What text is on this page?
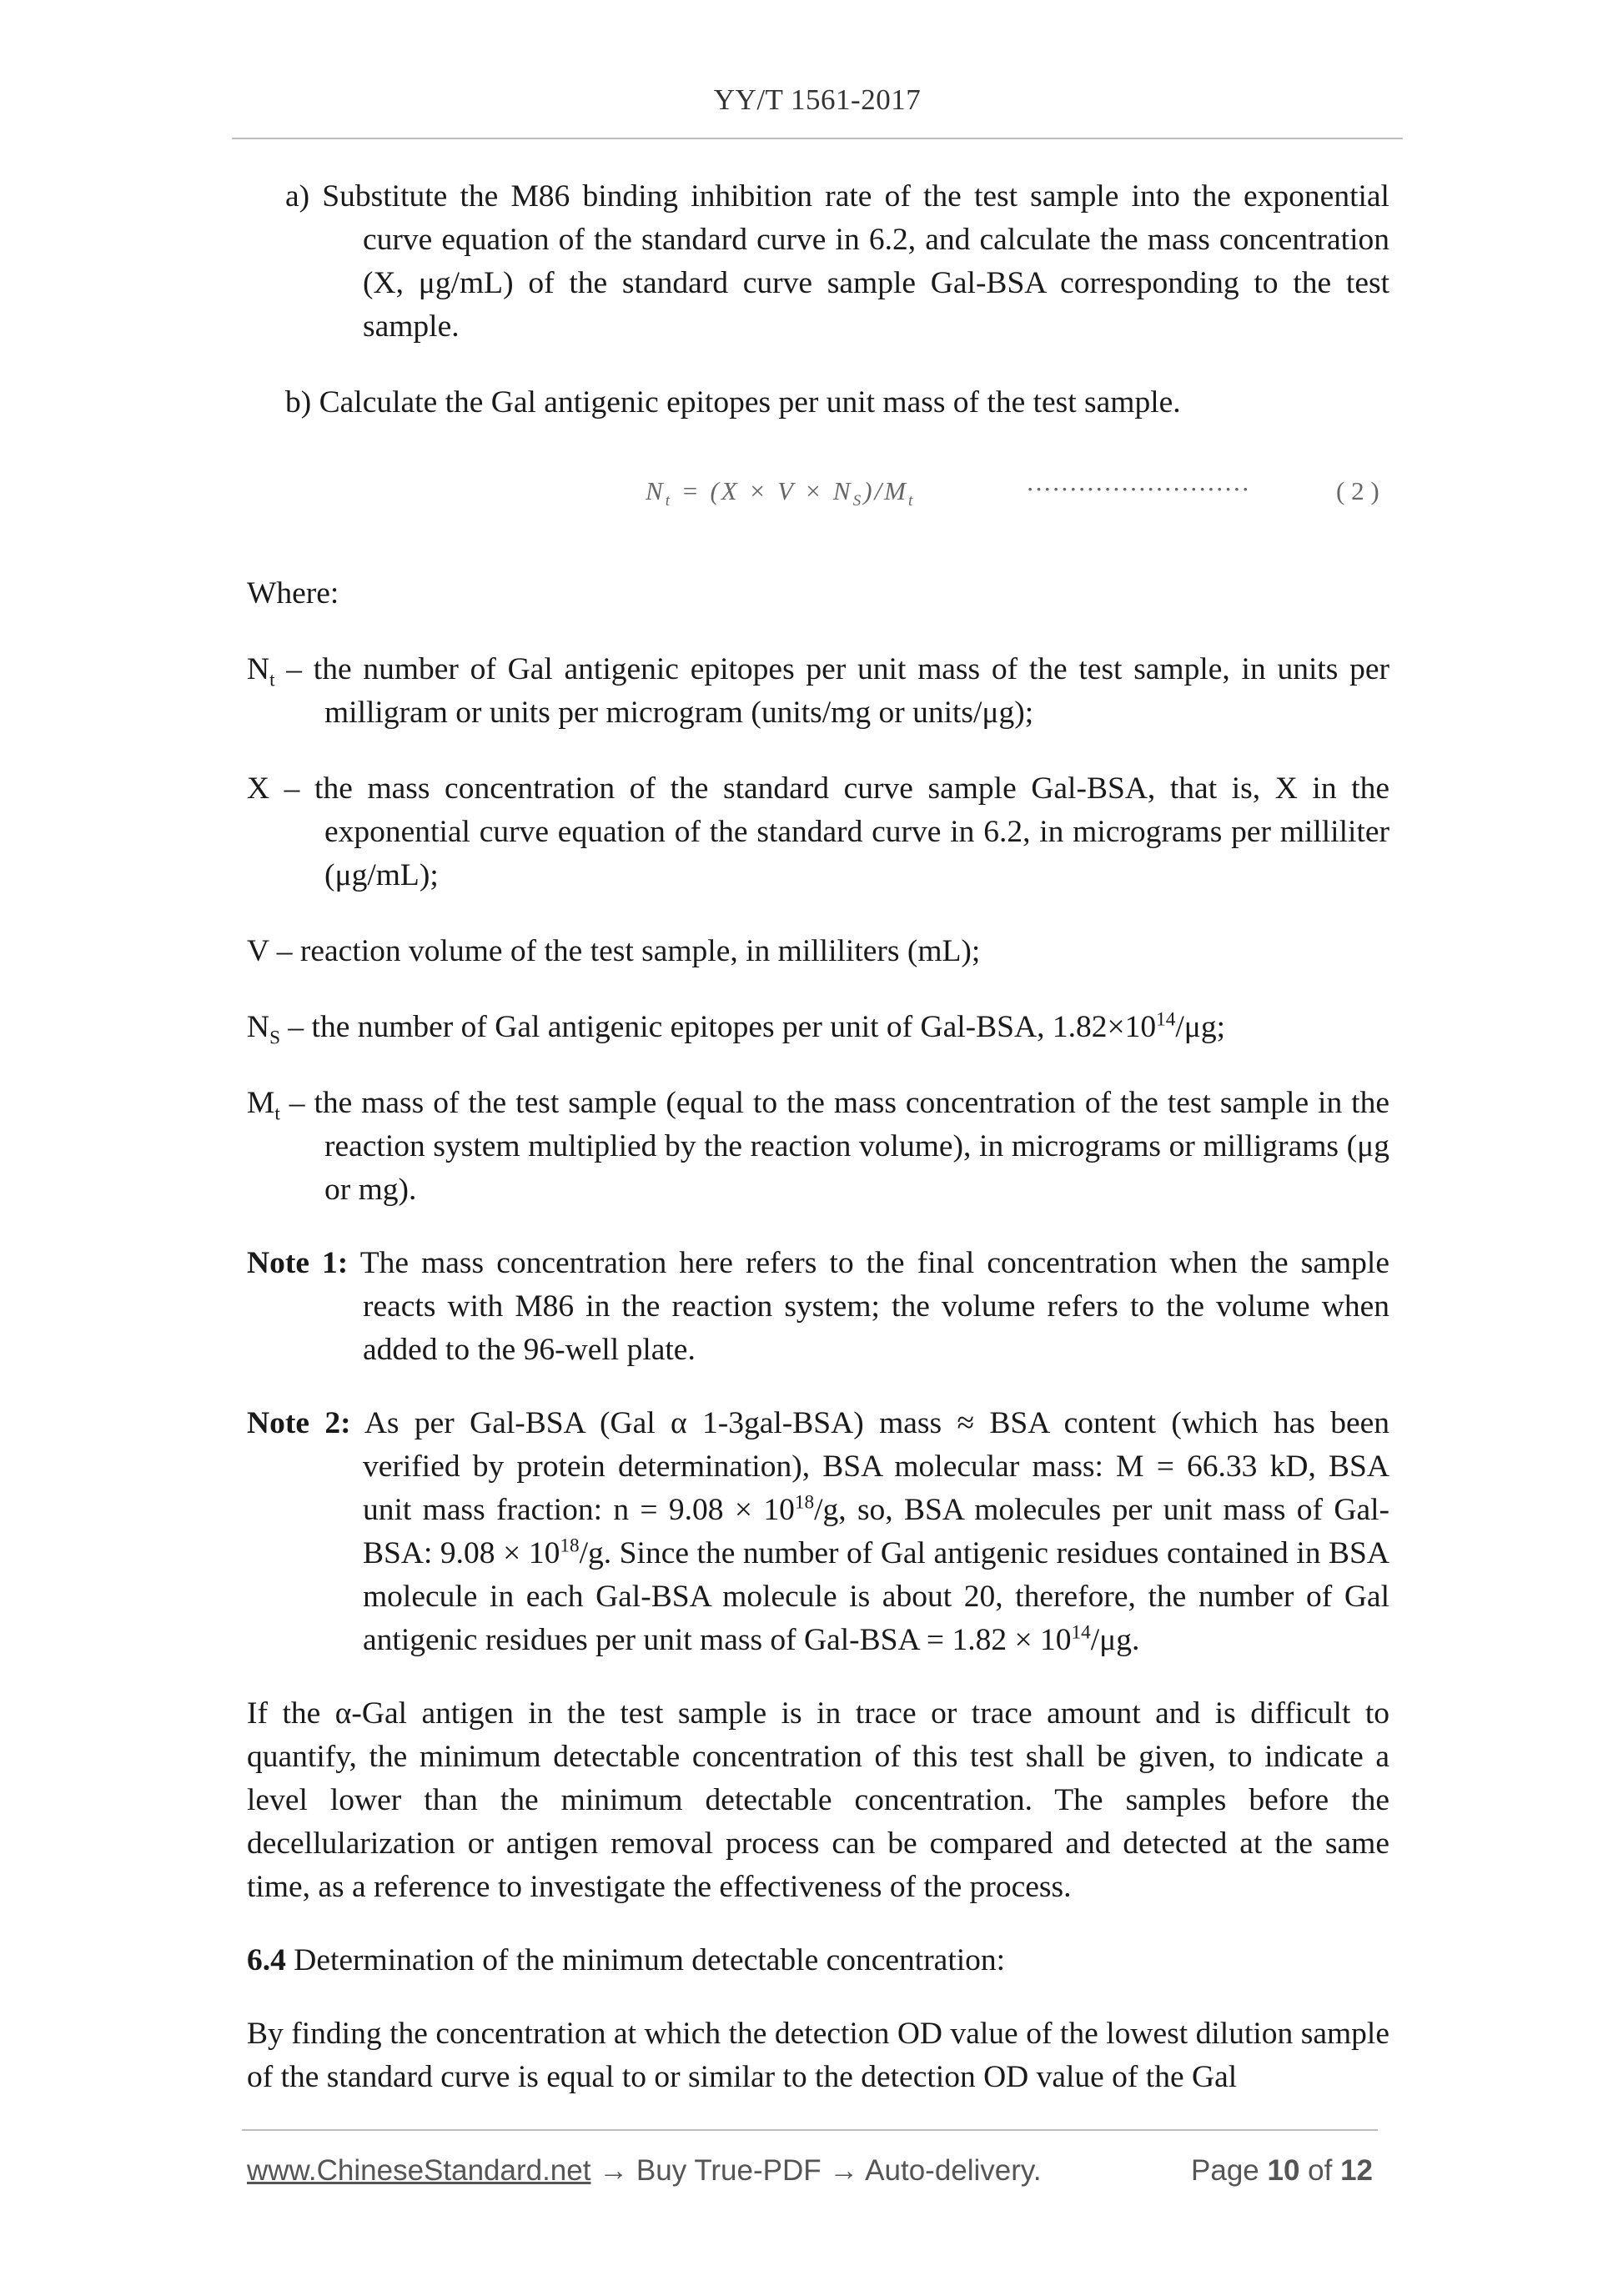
YY/T 1561-2017

a) Substitute the M86 binding inhibition rate of the test sample into the exponential curve equation of the standard curve in 6.2, and calculate the mass concentration (X, μg/mL) of the standard curve sample Gal-BSA corresponding to the test sample.

b) Calculate the Gal antigenic epitopes per unit mass of the test sample.

$N_t = (X \times V \times N_S)/M_t$	··························	( 2 )

Where:

$N_t$ – the number of Gal antigenic epitopes per unit mass of the test sample, in units per milligram or units per microgram (units/mg or units/μg);

X – the mass concentration of the standard curve sample Gal-BSA, that is, X in the exponential curve equation of the standard curve in 6.2, in micrograms per milliliter (μg/mL);

V – reaction volume of the test sample, in milliliters (mL);

$N_S$ – the number of Gal antigenic epitopes per unit of Gal-BSA, $1.82\times 10^{14}/\mu g$;

$M_t$ – the mass of the test sample (equal to the mass concentration of the test sample in the reaction system multiplied by the reaction volume), in micrograms or milligrams (μg or mg).

Note 1: The mass concentration here refers to the final concentration when the sample reacts with M86 in the reaction system; the volume refers to the volume when added to the 96-well plate.

Note 2: As per Gal-BSA (Gal α 1-3gal-BSA) mass ≈ BSA content (which has been verified by protein determination), BSA molecular mass: M = 66.33 kD, BSA unit mass fraction: $n = 9.08 \times 10^{18}/g$, so, BSA molecules per unit mass of Gal-BSA: $9.08 \times 10^{18}/g$. Since the number of Gal antigenic residues contained in BSA molecule in each Gal-BSA molecule is about 20, therefore, the number of Gal antigenic residues per unit mass of $Gal-BSA = 1.82 \times 10^{14}/\mu g$.

If the α-Gal antigen in the test sample is in trace or trace amount and is difficult to quantify, the minimum detectable concentration of this test shall be given, to indicate a level lower than the minimum detectable concentration. The samples before the decellularization or antigen removal process can be compared and detected at the same time, as a reference to investigate the effectiveness of the process.

6.4 Determination of the minimum detectable concentration:

By finding the concentration at which the detection OD value of the lowest dilution sample of the standard curve is equal to or similar to the detection OD value of the Gal

www.ChineseStandard.net → Buy True-PDF → Auto-delivery.	Page 10 of 12
